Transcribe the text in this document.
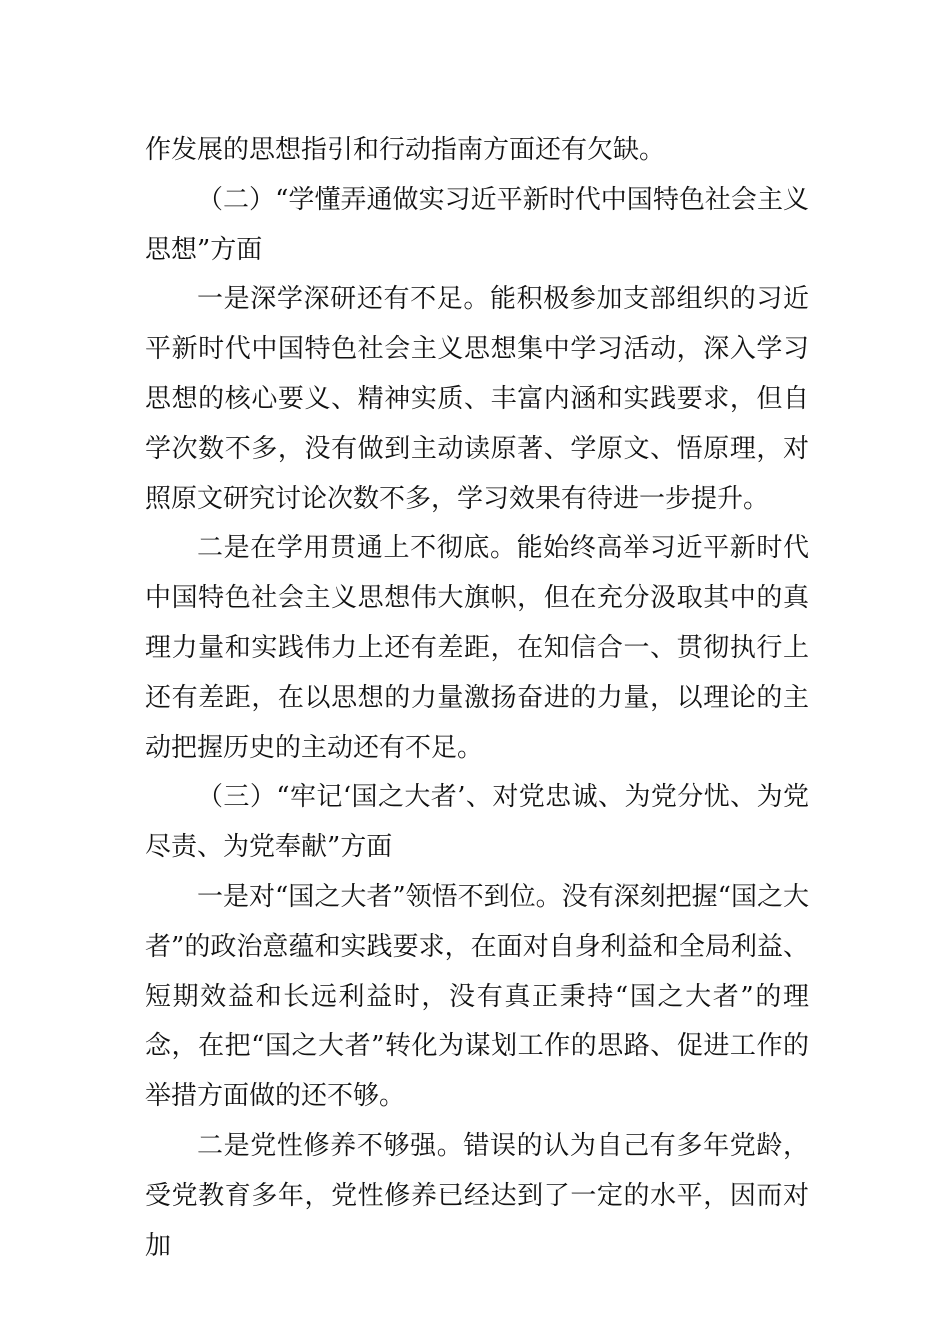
作发展的思想指引和行动指南方面还有欠缺。

（二）“学懂弄通做实习近平新时代中国特色社会主义思想”方面

一是深学深研还有不足。能积极参加支部组织的习近平新时代中国特色社会主义思想集中学习活动，深入学习思想的核心要义、精神实质、丰富内涵和实践要求，但自学次数不多，没有做到主动读原著、学原文、悟原理，对照原文研究讨论次数不多，学习效果有待进一步提升。

二是在学用贯通上不彻底。能始终高举习近平新时代中国特色社会主义思想伟大旗帜，但在充分汲取其中的真理力量和实践伟力上还有差距，在知信合一、贯彻执行上还有差距，在以思想的力量激扬奋进的力量，以理论的主动把握历史的主动还有不足。

（三）“牢记‘国之大者’、对党忠诚、为党分忧、为党尽责、为党奉献”方面

一是对“国之大者”领悟不到位。没有深刻把握“国之大者”的政治意蕴和实践要求，在面对自身利益和全局利益、短期效益和长远利益时，没有真正秉持“国之大者”的理念，在把“国之大者”转化为谋划工作的思路、促进工作的举措方面做的还不够。

二是党性修养不够强。错误的认为自己有多年党龄，受党教育多年，党性修养已经达到了一定的水平，因而对加
